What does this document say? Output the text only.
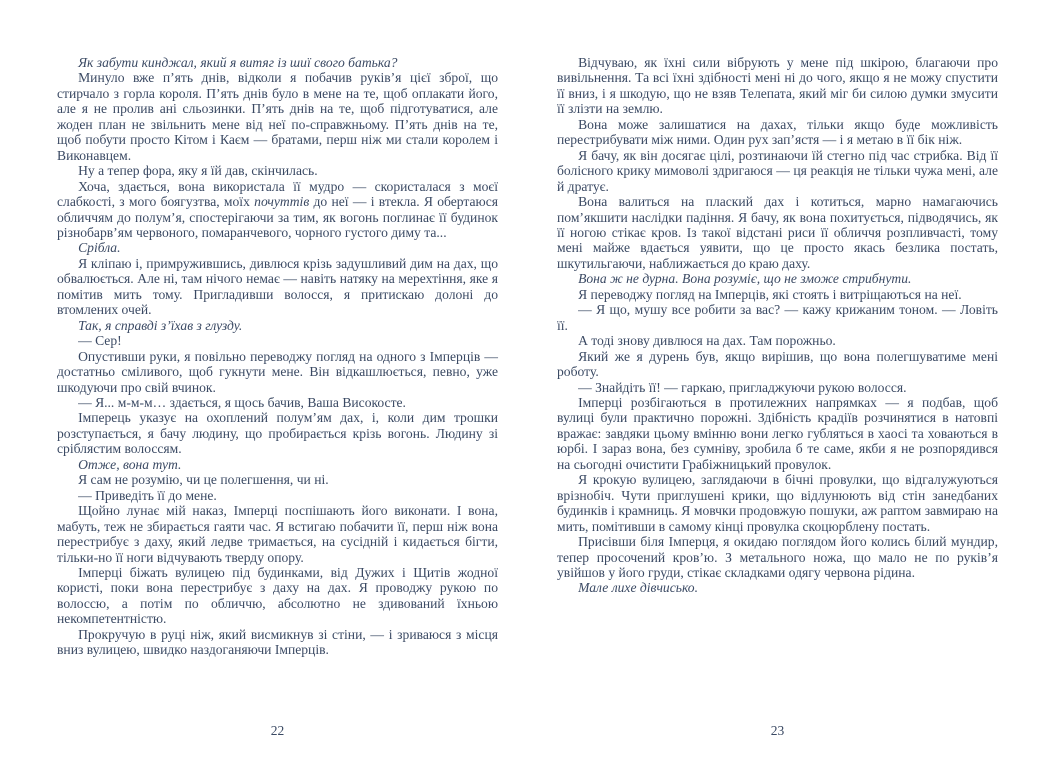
Як забути кинджал, який я витяг із шиї свого батька?

Минуло вже п’ять днів, відколи я побачив руків’я цієї зброї, що стирчало з горла короля. П’ять днів було в мене на те, щоб оплакати його, але я не пролив ані сльозинки. П’ять днів на те, щоб підготуватися, але жоден план не звільнить мене від неї по-справжньому. П’ять днів на те, щоб побути просто Кітом і Каєм — братами, перш ніж ми стали королем і Виконавцем.

Ну а тепер фора, яку я їй дав, скінчилась.

Хоча, здається, вона використала її мудро — скористалася з моєї слабкості, з мого боягузтва, моїх почуттів до неї — і втекла. Я обертаюся обличчям до полум’я, спостерігаючи за тим, як вогонь поглинає її будинок різнобарв’ям червоного, помаранчевого, чорного густого диму та...

Срібла.

Я кліпаю і, примружившись, дивлюся крізь задушливий дим на дах, що обвалюється. Але ні, там нічого немає — навіть натяку на мерехтіння, яке я помітив мить тому. Пригладивши волосся, я притискаю долоні до втомлених очей.

Так, я справді з’їхав з глузду.

— Сер!

Опустивши руки, я повільно переводжу погляд на одного з Імперців — достатньо сміливого, щоб гукнути мене. Він відкашлюється, певно, уже шкодуючи про свій вчинок.

— Я... м-м-м… здається, я щось бачив, Ваша Високосте.

Імперець указує на охоплений полум’ям дах, і, коли дим трошки розступається, я бачу людину, що пробирається крізь вогонь. Людину зі сріблястим волоссям.

Отже, вона тут.

Я сам не розумію, чи це полегшення, чи ні.

— Приведіть її до мене.

Щойно лунає мій наказ, Імперці поспішають його виконати. І вона, мабуть, теж не збирається гаяти час. Я встигаю побачити її, перш ніж вона перестрибує з даху, який ледве тримається, на сусідній і кидається бігти, тільки-но її ноги відчувають тверду опору.

Імперці біжать вулицею під будинками, від Дужих і Щитів жодної користі, поки вона перестрибує з даху на дах. Я проводжу рукою по волоссю, а потім по обличчю, абсолютно не здивований їхньою некомпетентністю.

Прокручую в руці ніж, який висмикнув зі стіни, — і зриваюся з місця вниз вулицею, швидко наздоганяючи Імперців.

22

Відчуваю, як їхні сили вібрують у мене під шкірою, благаючи про вивільнення. Та всі їхні здібності мені ні до чого, якщо я не можу спустити її вниз, і я шкодую, що не взяв Телепата, який міг би силою думки змусити її злізти на землю.

Вона може залишатися на дахах, тільки якщо буде можливість перестрибувати між ними. Один рух зап’ястя — і я метаю в її бік ніж.

Я бачу, як він досягає цілі, розтинаючи їй стегно під час стрибка. Від її болісного крику мимоволі здригаюся — ця реакція не тільки чужа мені, але й дратує.

Вона валиться на плаский дах і котиться, марно намагаючись пом’якшити наслідки падіння. Я бачу, як вона похитується, підводячись, як її ногою стікає кров. Із такої відстані риси її обличчя розпливчасті, тому мені майже вдається уявити, що це просто якась безлика постать, шкутильгаючи, наближається до краю даху.

Вона ж не дурна. Вона розуміє, що не зможе стрибнути.

Я переводжу погляд на Імперців, які стоять і витріщаються на неї.

— Я що, мушу все робити за вас? — кажу крижаним тоном. — Ловіть її.

А тоді знову дивлюся на дах. Там порожньо.

Який же я дурень був, якщо вирішив, що вона полегшуватиме мені роботу.

— Знайдіть її! — гаркаю, пригладжуючи рукою волосся.

Імперці розбігаються в протилежних напрямках — я подбав, щоб вулиці були практично порожні. Здібність крадіїв розчинятися в натовпі вражає: завдяки цьому вмінню вони легко губляться в хаосі та ховаються в юрбі. І зараз вона, без сумніву, зробила б те саме, якби я не розпорядився на сьогодні очистити Грабіжницький провулок.

Я крокую вулицею, заглядаючи в бічні провулки, що відгалужуються врізнобіч. Чути приглушені крики, що відлунюють від стін занедбаних будинків і крамниць. Я мовчки продовжую пошуки, аж раптом завмираю на мить, помітивши в самому кінці провулка скоцюрблену постать.

Присівши біля Імперця, я окидаю поглядом його колись білий мундир, тепер просочений кров’ю. З метального ножа, що мало не по руків’я увійшов у його груди, стікає складками одягу червона рідина.

Мале лихе дівчисько.

23
